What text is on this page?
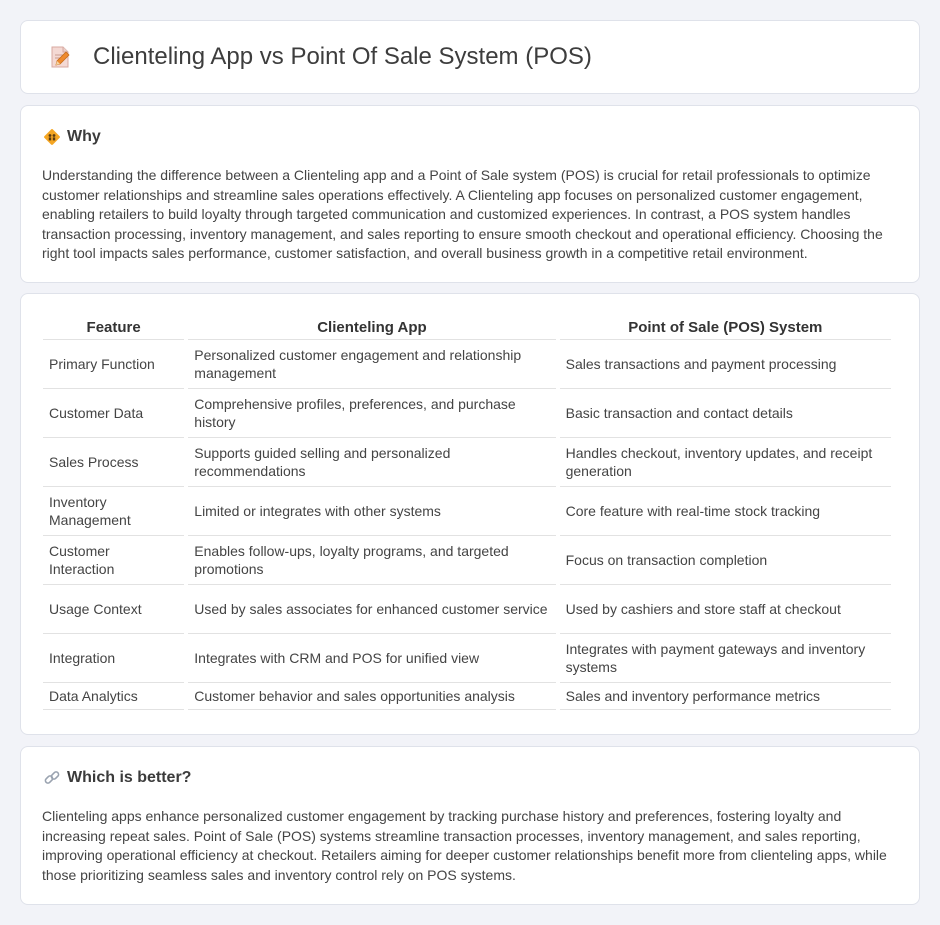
Clienteling App vs Point Of Sale System (POS)
Why

Understanding the difference between a Clienteling app and a Point of Sale system (POS) is crucial for retail professionals to optimize customer relationships and streamline sales operations effectively. A Clienteling app focuses on personalized customer engagement, enabling retailers to build loyalty through targeted communication and customized experiences. In contrast, a POS system handles transaction processing, inventory management, and sales reporting to ensure smooth checkout and operational efficiency. Choosing the right tool impacts sales performance, customer satisfaction, and overall business growth in a competitive retail environment.

Feature	Clienteling App	Point of Sale (POS) System
Primary Function	Personalized customer engagement and relationship management	Sales transactions and payment processing
Customer Data	Comprehensive profiles, preferences, and purchase history	Basic transaction and contact details
Sales Process	Supports guided selling and personalized recommendations	Handles checkout, inventory updates, and receipt generation
Inventory Management	Limited or integrates with other systems	Core feature with real-time stock tracking
Customer Interaction	Enables follow-ups, loyalty programs, and targeted promotions	Focus on transaction completion
Usage Context	Used by sales associates for enhanced customer service	Used by cashiers and store staff at checkout
Integration	Integrates with CRM and POS for unified view	Integrates with payment gateways and inventory systems
Data Analytics	Customer behavior and sales opportunities analysis	Sales and inventory performance metrics
Which is better?

Clienteling apps enhance personalized customer engagement by tracking purchase history and preferences, fostering loyalty and increasing repeat sales. Point of Sale (POS) systems streamline transaction processes, inventory management, and sales reporting, improving operational efficiency at checkout. Retailers aiming for deeper customer relationships benefit more from clienteling apps, while those prioritizing seamless sales and inventory control rely on POS systems.
